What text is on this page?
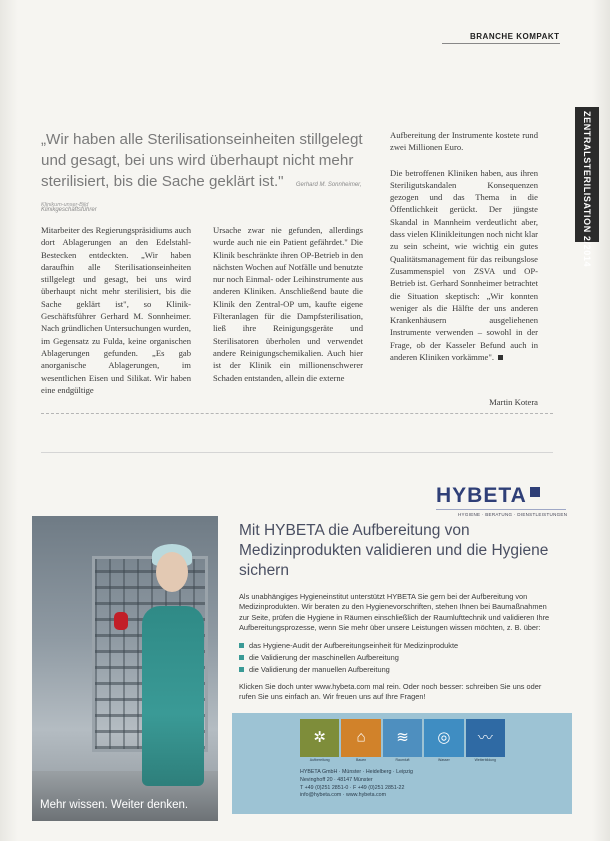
BRANCHE KOMPAKT
ZENTRALSTERILISATION 2/2014
„Wir haben alle Sterilisationseinheiten stillgelegt und gesagt, bei uns wird überhaupt nicht mehr sterilisiert, bis die Sache geklärt ist." Gerhard M. Sonnheimer, Klinikgeschäftsführer
Klinikum-unser-Bild

Mitarbeiter des Regierungspräsidiums auch dort Ablagerungen an den Edelstahl-Bestecken entdeckten. „Wir haben daraufhin alle Sterilisationseinheiten stillgelegt und gesagt, bei uns wird überhaupt nicht mehr sterilisiert, bis die Sache geklärt ist", so Klinik-Geschäftsführer Gerhard M. Sonnheimer. Nach gründlichen Untersuchungen wurden, im Gegensatz zu Fulda, keine organischen Ablagerungen gefunden. „Es gab anorganische Ablagerungen, im wesentlichen Eisen und Silikat. Wir haben eine endgültige

Ursache zwar nie gefunden, allerdings wurde auch nie ein Patient gefährdet." Die Klinik beschränkte ihren OP-Betrieb in den nächsten Wochen auf Notfälle und benutzte nur noch Einmal- oder Leihinstrumente aus anderen Kliniken. Anschließend baute die Klinik den Zentral-OP um, kaufte eigene Filteranlagen für die Dampfsterilisation, ließ ihre Reinigungsgeräte und Sterilisatoren überholen und verwendet andere Reinigungschemikalien. Auch hier ist der Klinik ein millionenschwerer Schaden entstanden, allein die externe

Aufbereitung der Instrumente kostete rund zwei Millionen Euro.

Die betroffenen Kliniken haben, aus ihren Steriligutskandalen Konsequenzen gezogen und das Thema in die Öffentlichkeit gerückt. Der jüngste Skandal in Mannheim verdeutlicht aber, dass vielen Klinikleitungen noch nicht klar zu sein scheint, wie wichtig ein gutes Qualitätsmanagement für das reibungslose Zusammenspiel von ZSVA und OP-Betrieb ist. Gerhard Sonnheimer betrachtet die Situation skeptisch: „Wir konnten weniger als die Hälfte der uns anderen Krankenhäusern ausgeliehenen Instrumente verwenden – sowohl in der Frage, ob der Kasseler Befund auch in anderen Kliniken vorkämme".

Martin Kotera
HYBETA
HYGIENE · BERATUNG · DIENSTLEISTUNGEN
Mehr wissen. Weiter denken.
Mit HYBETA die Aufbereitung von Medizinprodukten validieren und die Hygiene sichern
Als unabhängiges Hygieneinstitut unterstützt HYBETA Sie gern bei der Aufbereitung von Medizinprodukten. Wir beraten zu den Hygienevorschriften, stehen Ihnen bei Baumaßnahmen zur Seite, prüfen die Hygiene in Räumen einschließlich der Raumlufttechnik und validieren Ihre Aufbereitungsprozesse, wenn Sie mehr über unsere Leistungen wissen möchten, z. B. über:
das Hygiene-Audit der Aufbereitungseinheit für Medizinprodukte
die Validierung der maschinellen Aufbereitung
die Validierung der manuellen Aufbereitung
Klicken Sie doch unter www.hybeta.com mal rein. Oder noch besser: schreiben Sie uns oder rufen Sie uns einfach an. Wir freuen uns auf Ihre Fragen!
✲
Aufbereitung
⌂
Bauen
≋
Raumluft
◎
Wasser
〰
Weiterbildung
HYBETA GmbH · Münster · Heidelberg · Leipzig
Nevinghoff 20 · 48147 Münster
T +49 (0)251 2851-0 · F +49 (0)251 2851-22
info@hybeta.com · www.hybeta.com
